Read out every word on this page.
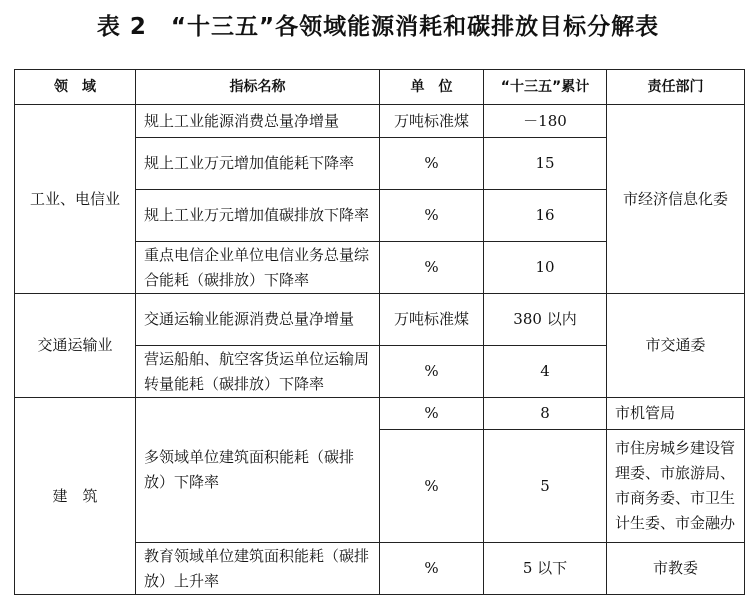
表 2　“十三五”各领域能源消耗和碳排放目标分解表
领　域	指标名称	单　位	“十三五”累计	责任部门
工业、电信业	规上工业能源消费总量净增量	万吨标准煤	－180	市经济信息化委
	规上工业万元增加值能耗下降率	%	15	
	规上工业万元增加值碳排放下降率	%	16	
	重点电信企业单位电信业务总量综合能耗（碳排放）下降率	%	10	
交通运输业	交通运输业能源消费总量净增量	万吨标准煤	380 以内	市交通委
	营运船舶、航空客货运单位运输周转量能耗（碳排放）下降率	%	4	
建　筑	多领域单位建筑面积能耗（碳排放）下降率	%	8	市机管局
		%	5	市住房城乡建设管理委、市旅游局、市商务委、市卫生计生委、市金融办
	教育领域单位建筑面积能耗（碳排放）上升率	%	5 以下	市教委
